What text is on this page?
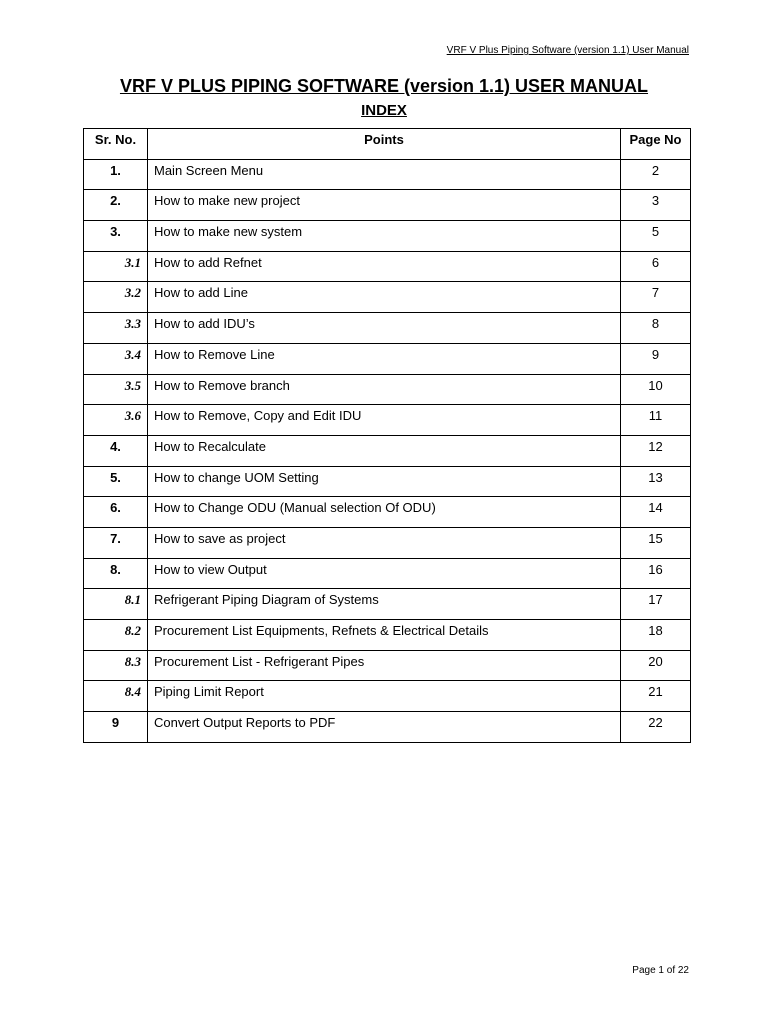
VRF V Plus Piping Software (version 1.1) User Manual
VRF V PLUS PIPING SOFTWARE (version 1.1) USER MANUAL
INDEX
Sr. No.	Points	Page No
1.	Main Screen Menu	2
2.	How to make new project	3
3.	How to make new system	5
3.1	How to add Refnet	6
3.2	How to add Line	7
3.3	How to add IDU’s	8
3.4	How to Remove Line	9
3.5	How to Remove branch	10
3.6	How to Remove, Copy and Edit IDU	11
4.	How to Recalculate	12
5.	How to change UOM Setting	13
6.	How to Change ODU (Manual selection Of ODU)	14
7.	How to save as project	15
8.	How to view Output	16
8.1	Refrigerant Piping Diagram of Systems	17
8.2	Procurement List Equipments, Refnets & Electrical Details	18
8.3	Procurement List - Refrigerant Pipes	20
8.4	Piping Limit Report	21
9	Convert Output Reports to PDF	22
Page 1 of 22
